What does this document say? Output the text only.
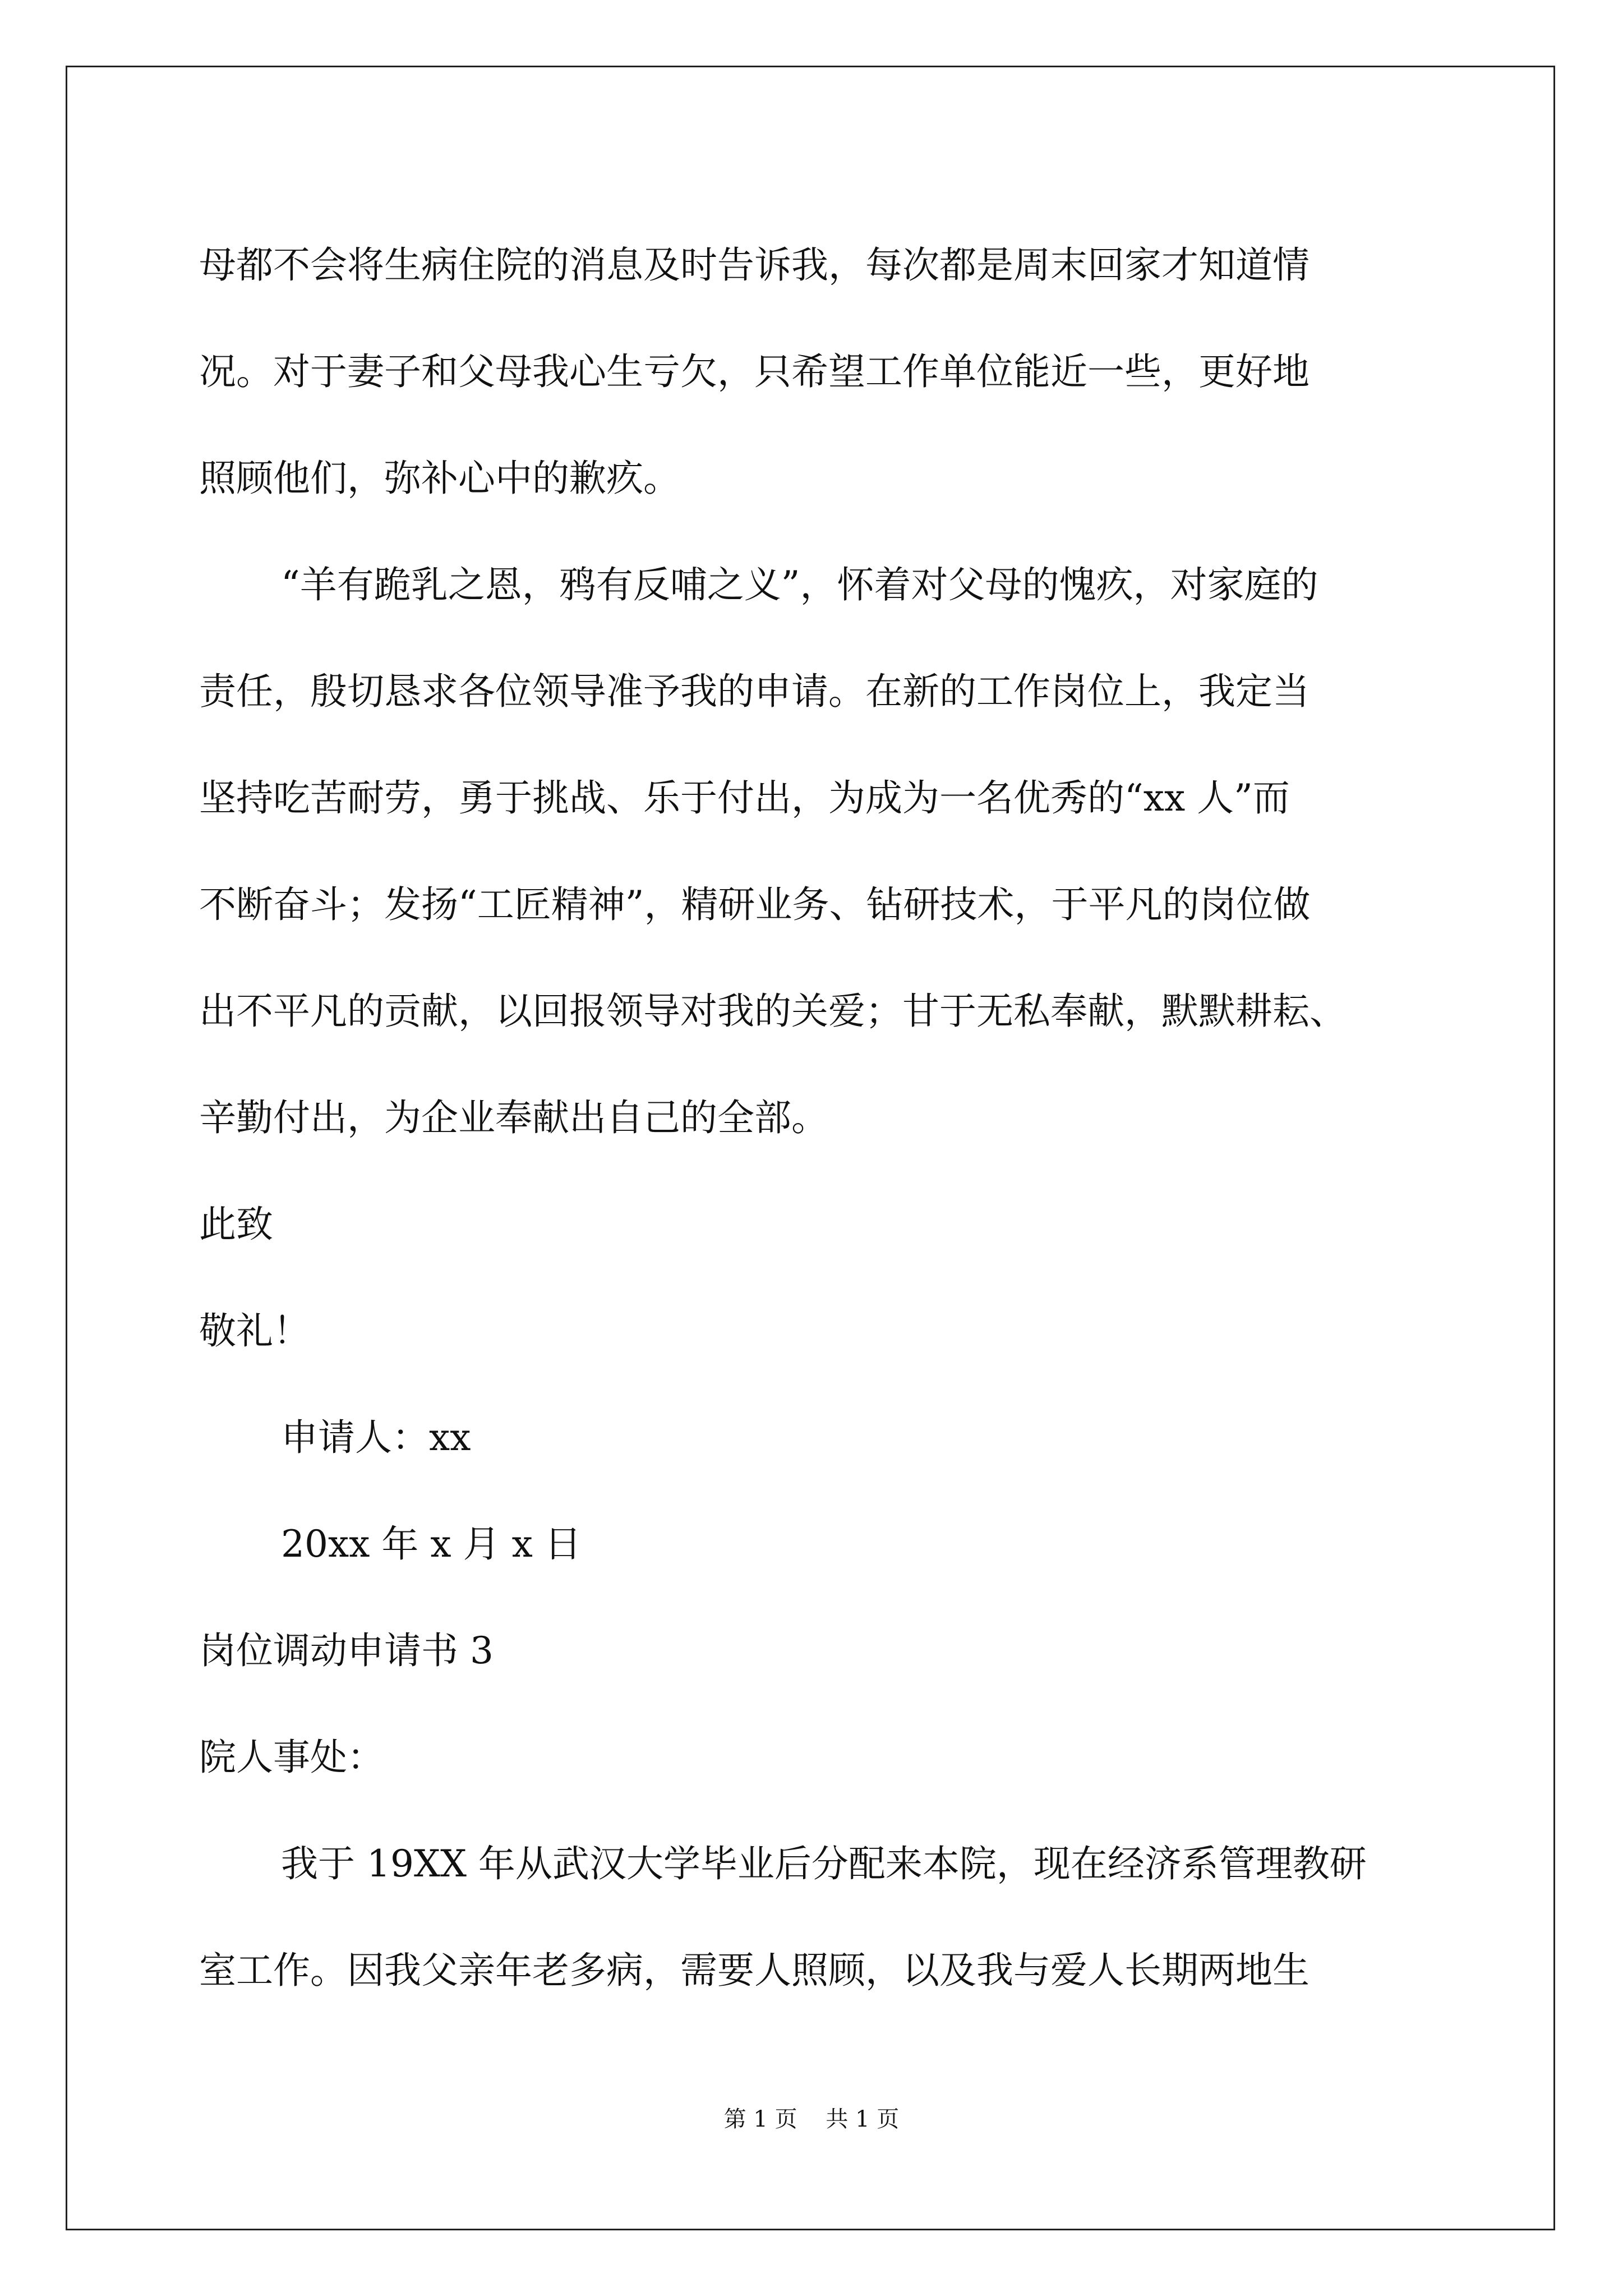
母都不会将生病住院的消息及时告诉我，每次都是周末回家才知道情
况。对于妻子和父母我心生亏欠，只希望工作单位能近一些，更好地
照顾他们，弥补心中的歉疚。
“羊有跪乳之恩，鸦有反哺之义”，怀着对父母的愧疚，对家庭的
责任，殷切恳求各位领导准予我的申请。在新的工作岗位上，我定当
坚持吃苦耐劳，勇于挑战、乐于付出，为成为一名优秀的“xx 人”而
不断奋斗；发扬“工匠精神”，精研业务、钻研技术，于平凡的岗位做
出不平凡的贡献，以回报领导对我的关爱；甘于无私奉献，默默耕耘、
辛勤付出，为企业奉献出自己的全部。
此致
敬礼！
申请人：xx
20xx 年 x 月 x 日
岗位调动申请书 3
院人事处：
我于 19XX 年从武汉大学毕业后分配来本院，现在经济系管理教研
室工作。因我父亲年老多病，需要人照顾，以及我与爱人长期两地生
第 1 页    共 1 页
